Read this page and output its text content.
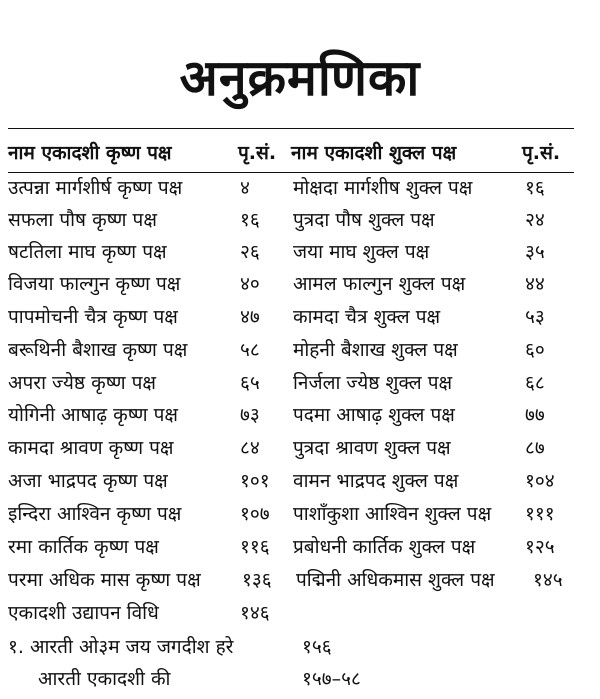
अनुक्रमणिका
नाम एकादशी कृष्ण पक्ष	पृ.सं. नाम एकादशी शुक्ल पक्ष	पृ.सं.
उत्पन्ना मार्गशीर्ष कृष्ण पक्ष	४ मोक्षदा मार्गशीष शुक्ल पक्ष	१६
सफला पौष कृष्ण पक्ष	१६ पुत्रदा पौष शुक्ल पक्ष	२४
षटतिला माघ कृष्ण पक्ष	२६ जया माघ शुक्ल पक्ष	३५
विजया फाल्गुन कृष्ण पक्ष	४० आमल फाल्गुन शुक्ल पक्ष	४४
पापमोचनी चैत्र कृष्ण पक्ष	४७ कामदा चैत्र शुक्ल पक्ष	५३
बरूथिनी बैशाख कृष्ण पक्ष	५८ मोहनी बैशाख शुक्ल पक्ष	६०
अपरा ज्येष्ठ कृष्ण पक्ष	६५ निर्जला ज्येष्ठ शुक्ल पक्ष	६८
योगिनी आषाढ़ कृष्ण पक्ष	७३ पदमा आषाढ़ शुक्ल पक्ष	७७
कामदा श्रावण कृष्ण पक्ष	८४ पुत्रदा श्रावण शुक्ल पक्ष	८७
अजा भाद्रपद कृष्ण पक्ष	१०१ वामन भाद्रपद शुक्ल पक्ष	१०४
इन्दिरा आश्विन कृष्ण पक्ष	१०७ पाशाँकुशा आश्विन शुक्ल पक्ष १११
रमा कार्तिक कृष्ण पक्ष	११६ प्रबोधनी कार्तिक शुक्ल पक्ष	१२५
परमा अधिक मास कृष्ण पक्ष १३६ पद्मिनी अधिकमास शुक्ल पक्ष १४५
एकादशी उद्यापन विधि	१४६
१. आरती ओ३म जय जगदीश हरे	१५६
आरती एकादशी की	१५७–५८
